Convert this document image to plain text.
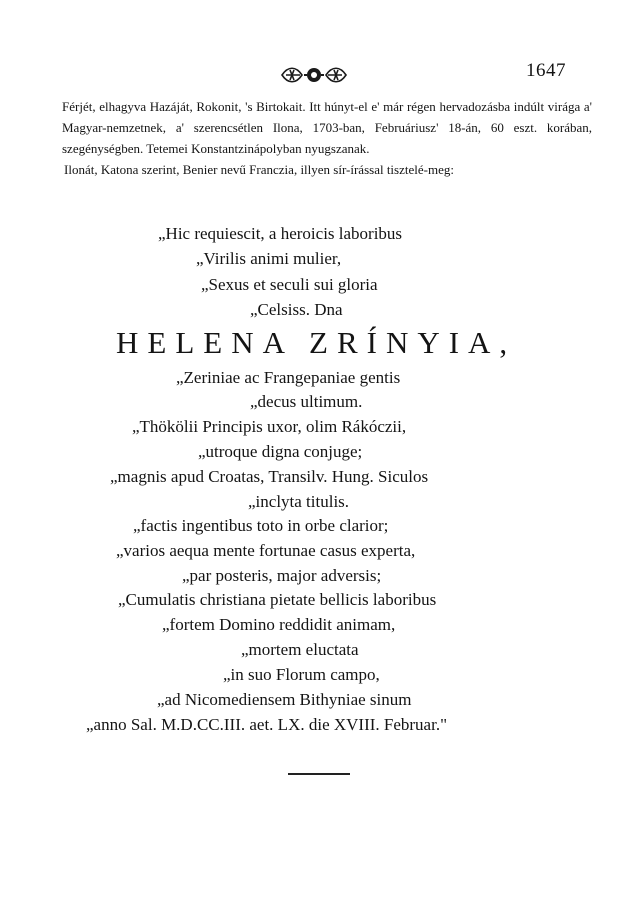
1647

Férjét, elhagyva Hazáját, Rokonit, 's Birtokait. Itt húnyt-el e' már régen hervadozásba indúlt virága a' Magyar-nemzetnek, a' szerencsétlen Ilona, 1703-ban, Februáriusz' 18-án, 60 eszt. korában, szegénységben. Tetemei Konstantzinápolyban nyugszanak.

Ilonát, Katona szerint, Benier nevű Franczia, illyen sír-írással tisztelé-meg:

„Hic requiescit, a heroicis laboribus
„Virilis animi mulier,
„Sexus et seculi sui gloria
„Celsiss. Dna
HELENA ZRÍNYIA,
„Zeriniae ac Frangepaniae gentis
„decus ultimum.
„Thökölii Principis uxor, olim Rákóczii,
„utroque digna conjuge;
„magnis apud Croatas, Transilv. Hung. Siculos
„inclyta titulis.
„factis ingentibus toto in orbe clarior;
„varios aequa mente fortunae casus experta,
„par posteris, major adversis;
„Cumulatis christiana pietate bellicis laboribus
„fortem Domino reddidit animam,
„mortem eluctata
„in suo Florum campo,
„ad Nicomediensem Bithyniae sinum
„anno Sal. M.D.CC.III. aet. LX. die XVIII. Februar."
